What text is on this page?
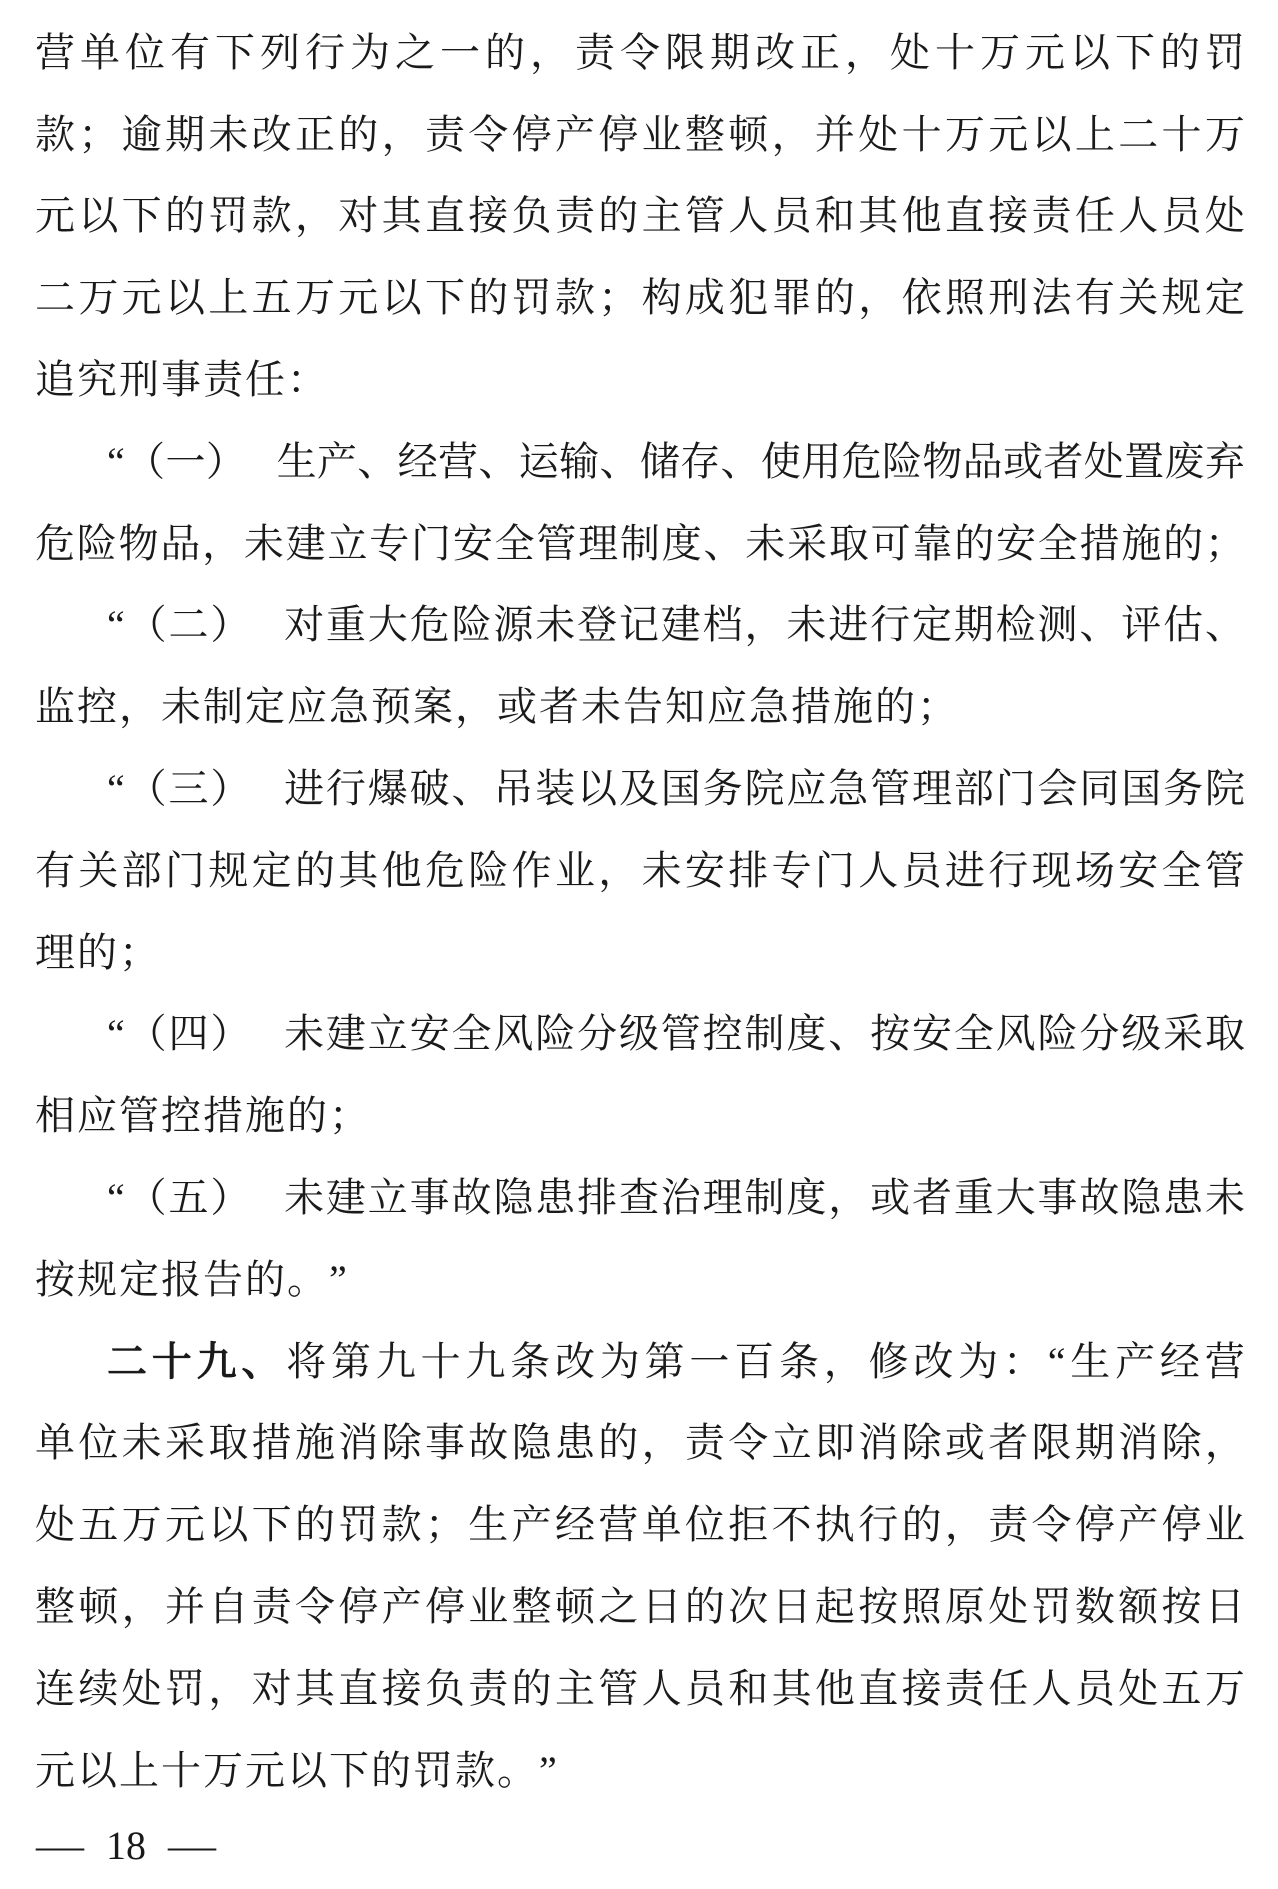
营 单 位 有 下 列 行 为 之 一 的 ， 责 令 限 期 改 正 ， 处 十 万 元 以 下 的 罚
款 ； 逾 期 未 改 正 的 ， 责 令 停 产 停 业 整 顿 ， 并 处 十 万 元 以 上 二 十 万
元 以 下 的 罚 款 ， 对 其 直 接 负 责 的 主 管 人 员 和 其 他 直 接 责 任 人 员 处
二 万 元 以 上 五 万 元 以 下 的 罚 款 ； 构 成 犯 罪 的 ， 依 照 刑 法 有 关 规 定
追 究 刑 事 责 任 ：
“ （ 一 ） 生 产 、 经 营 、 运 输 、 储 存 、 使 用 危 险 物 品 或 者 处 置 废 弃
危 险 物 品 ， 未 建 立 专 门 安 全 管 理 制 度 、 未 采 取 可 靠 的 安 全 措 施 的 ；
“ （ 二 ） 对 重 大 危 险 源 未 登 记 建 档 ， 未 进 行 定 期 检 测 、 评 估 、
监 控 ， 未 制 定 应 急 预 案 ， 或 者 未 告 知 应 急 措 施 的 ；
“ （ 三 ） 进 行 爆 破 、 吊 装 以 及 国 务 院 应 急 管 理 部 门 会 同 国 务 院
有 关 部 门 规 定 的 其 他 危 险 作 业 ， 未 安 排 专 门 人 员 进 行 现 场 安 全 管
理 的 ；
“ （ 四 ） 未 建 立 安 全 风 险 分 级 管 控 制 度 、 按 安 全 风 险 分 级 采 取
相 应 管 控 措 施 的 ；
“ （ 五 ） 未 建 立 事 故 隐 患 排 查 治 理 制 度 ， 或 者 重 大 事 故 隐 患 未
按 规 定 报 告 的 。 ”
二 十 九 、 将 第 九 十 九 条 改 为 第 一 百 条 ， 修 改 为 ： “ 生 产 经 营
单 位 未 采 取 措 施 消 除 事 故 隐 患 的 ， 责 令 立 即 消 除 或 者 限 期 消 除 ，
处 五 万 元 以 下 的 罚 款 ； 生 产 经 营 单 位 拒 不 执 行 的 ， 责 令 停 产 停 业
整 顿 ， 并 自 责 令 停 产 停 业 整 顿 之 日 的 次 日 起 按 照 原 处 罚 数 额 按 日
连 续 处 罚 ， 对 其 直 接 负 责 的 主 管 人 员 和 其 他 直 接 责 任 人 员 处 五 万
元 以 上 十 万 元 以 下 的 罚 款 。 ”
— 18 —
